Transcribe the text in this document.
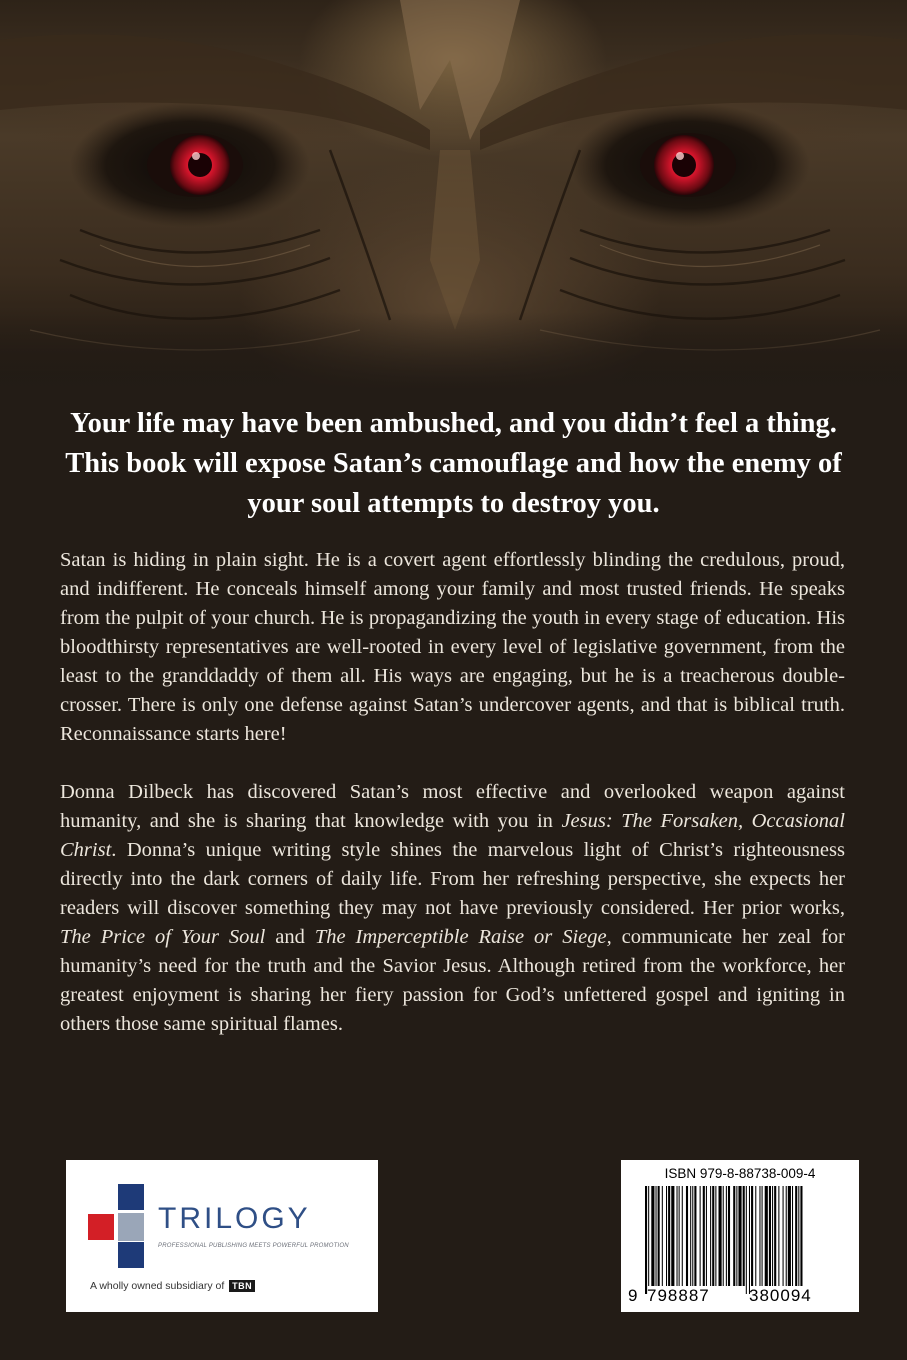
Your life may have been ambushed, and you didn’t feel a thing. This book will expose Satan’s camouflage and how the enemy of your soul attempts to destroy you.

Satan is hiding in plain sight. He is a covert agent effortlessly blinding the credulous, proud, and indifferent. He conceals himself among your family and most trusted friends. He speaks from the pulpit of your church. He is propagandizing the youth in every stage of education. His bloodthirsty representatives are well-rooted in every level of legislative government, from the least to the granddaddy of them all. His ways are engaging, but he is a treacherous double-crosser. There is only one defense against Satan’s undercover agents, and that is biblical truth. Reconnaissance starts here!

Donna Dilbeck has discovered Satan’s most effective and overlooked weapon against humanity, and she is sharing that knowledge with you in Jesus: The Forsaken, Occasional Christ. Donna’s unique writing style shines the marvelous light of Christ’s righteousness directly into the dark corners of daily life. From her refreshing perspective, she expects her readers will discover something they may not have previously considered. Her prior works, The Price of Your Soul and The Imperceptible Raise or Siege, communicate her zeal for humanity’s need for the truth and the Savior Jesus. Although retired from the workforce, her greatest enjoyment is sharing her fiery passion for God’s unfettered gospel and igniting in others those same spiritual flames.

TRILOGY
PROFESSIONAL PUBLISHING MEETS POWERFUL PROMOTION
A wholly owned subsidiary of TBN
ISBN 979-8-88738-009-4
9 798887 380094
